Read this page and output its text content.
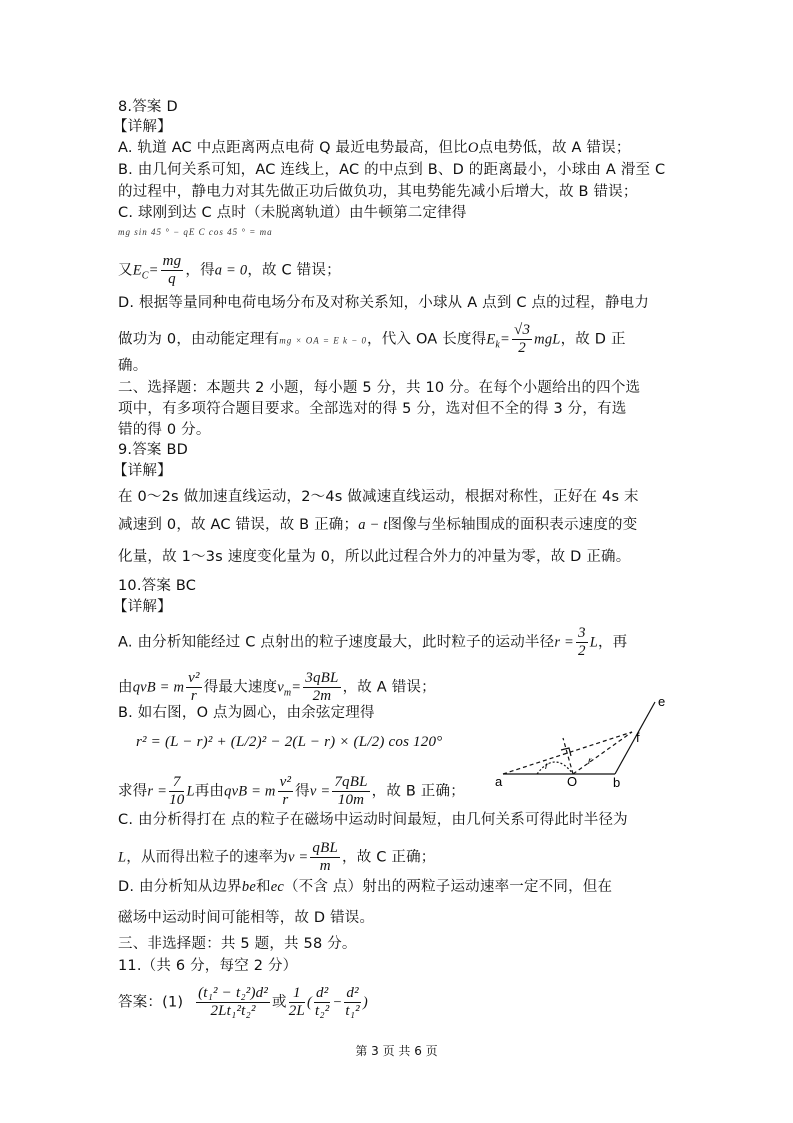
8.答案 D
【详解】
A. 轨道 AC 中点距离两点电荷 Q 最近电势最高，但比O点电势低，故 A 错误；
B. 由几何关系可知，AC 连线上，AC 的中点到 B、D 的距离最小，小球由 A 滑至 C
的过程中，静电力对其先做正功后做负功，其电势能先减小后增大，故 B 错误；
C. 球刚到达 C 点时（未脱离轨道）由牛顿第二定律得
mg sin 45 ° − qE C cos 45 ° = ma
又$E_C= \frac{mg}{q}$ ，得a = 0，故 C 错误；
D. 根据等量同种电荷电场分布及对称关系知，小球从 A 点到 C 点的过程，静电力
做功为 0，由动能定理有mg × OA = E k − 0，代入 OA 长度得$E_k= \frac{√3}{2}$ mgL，故 D 正
确。
二、选择题：本题共 2 小题，每小题 5 分，共 10 分。在每个小题给出的四个选
项中，有多项符合题目要求。全部选对的得 5 分，选对但不全的得 3 分，有选
错的得 0 分。
9.答案 BD
【详解】
在 0～2s 做加速直线运动，2～4s 做减速直线运动，根据对称性，正好在 4s 末
减速到 0，故 AC 错误，故 B 正确；a − t图像与坐标轴围成的面积表示速度的变
化量，故 1～3s 速度变化量为 0，所以此过程合外力的冲量为零，故 D 正确。
10.答案 BC
【详解】
A. 由分析知能经过 C 点射出的粒子速度最大，此时粒子的运动半径$r = \frac{3}{2}$ L，再
由qvB = m $\frac{\text{v²}}{r}$ 得最大速度$v_m= \frac{\text{3qBL}}{2m}$ ，故 A 错误；
B. 如右图，O 点为圆心，由余弦定理得
r² = (L − r)² + (L/2)² − 2(L − r) × (L/2) cos 120°
求得$r = \frac{7}{10}$ L再由qvB = m $\frac{\text{v²}}{r}$ 得$v = \frac{\text{7qBL}}{10m}$ ，故 B 正确；
C. 由分析得打在 点的粒子在磁场中运动时间最短，由几何关系可得此时半径为
L，从而得出粒子的速率为$v = \frac{\text{qBL}}{m}$ ，故 C 正确；
D. 由分析知从边界be和ec（不含 点）射出的两粒子运动速率一定不同，但在
磁场中运动时间可能相等，故 D 错误。
e
f
a	O	b
r	r
三、非选择题：共 5 题，共 58 分。
11.（共 6 分，每空 2 分）
答案：$(1) \frac{\text{(t₁² − t₂²)d²}}{\text{2Lt₁²t₂²}}$ 或 $\frac{1}{2L}$ ( $\frac{\text{d²}}{\text{t₂²}} - \frac{\text{d²}}{\text{t₁²}}$ )
第 3 页 共 6 页
